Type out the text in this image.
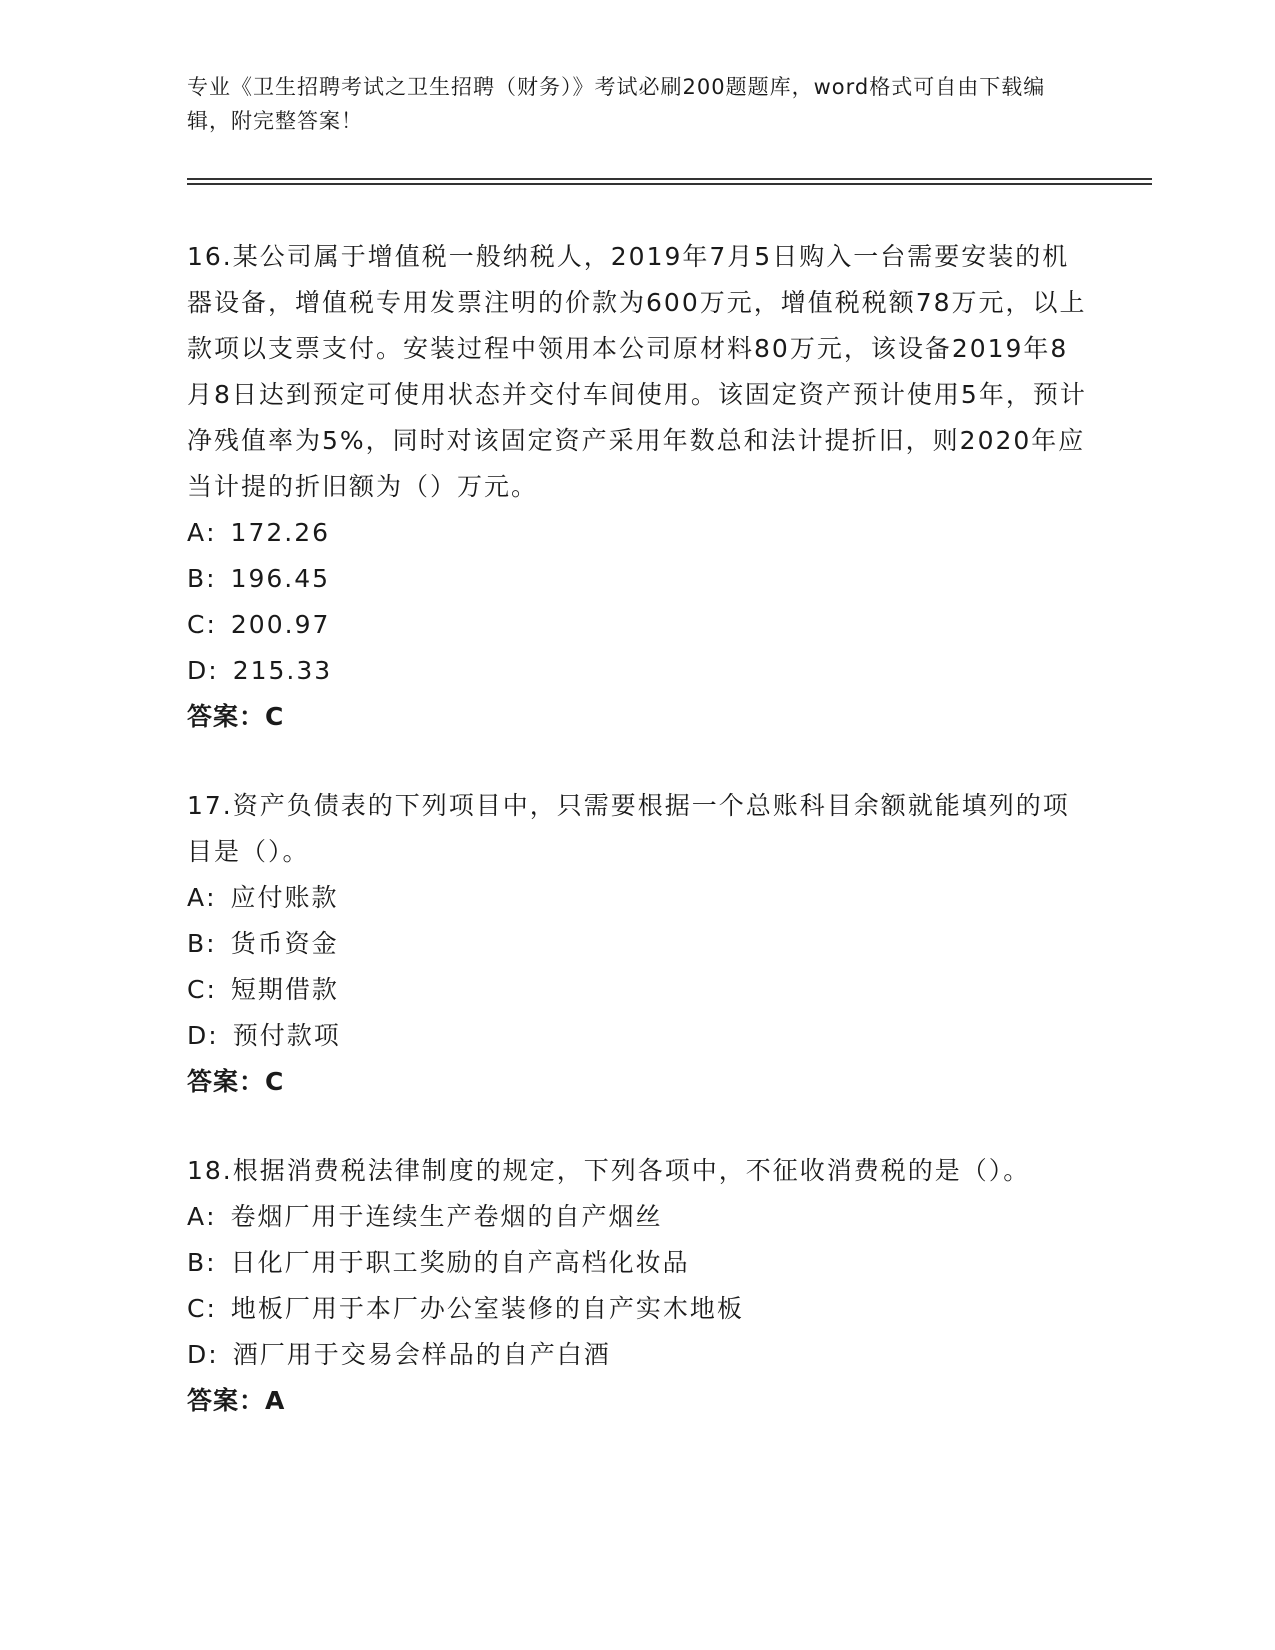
专业《卫生招聘考试之卫生招聘（财务）》考试必刷200题题库，word格式可自由下载编辑，附完整答案！

16.某公司属于增值税一般纳税人，2019年7月5日购入一台需要安装的机器设备，增值税专用发票注明的价款为600万元，增值税税额78万元，以上款项以支票支付。安装过程中领用本公司原材料80万元，该设备2019年8月8日达到预定可使用状态并交付车间使用。该固定资产预计使用5年，预计净残值率为5%，同时对该固定资产采用年数总和法计提折旧，则2020年应当计提的折旧额为（）万元。

A: 172.26
B: 196.45
C: 200.97
D: 215.33

答案：C

17.资产负债表的下列项目中，只需要根据一个总账科目余额就能填列的项目是（）。

A: 应付账款
B: 货币资金
C: 短期借款
D: 预付款项

答案：C

18.根据消费税法律制度的规定，下列各项中，不征收消费税的是（）。

A: 卷烟厂用于连续生产卷烟的自产烟丝
B: 日化厂用于职工奖励的自产高档化妆品
C: 地板厂用于本厂办公室装修的自产实木地板
D: 酒厂用于交易会样品的自产白酒

答案：A
